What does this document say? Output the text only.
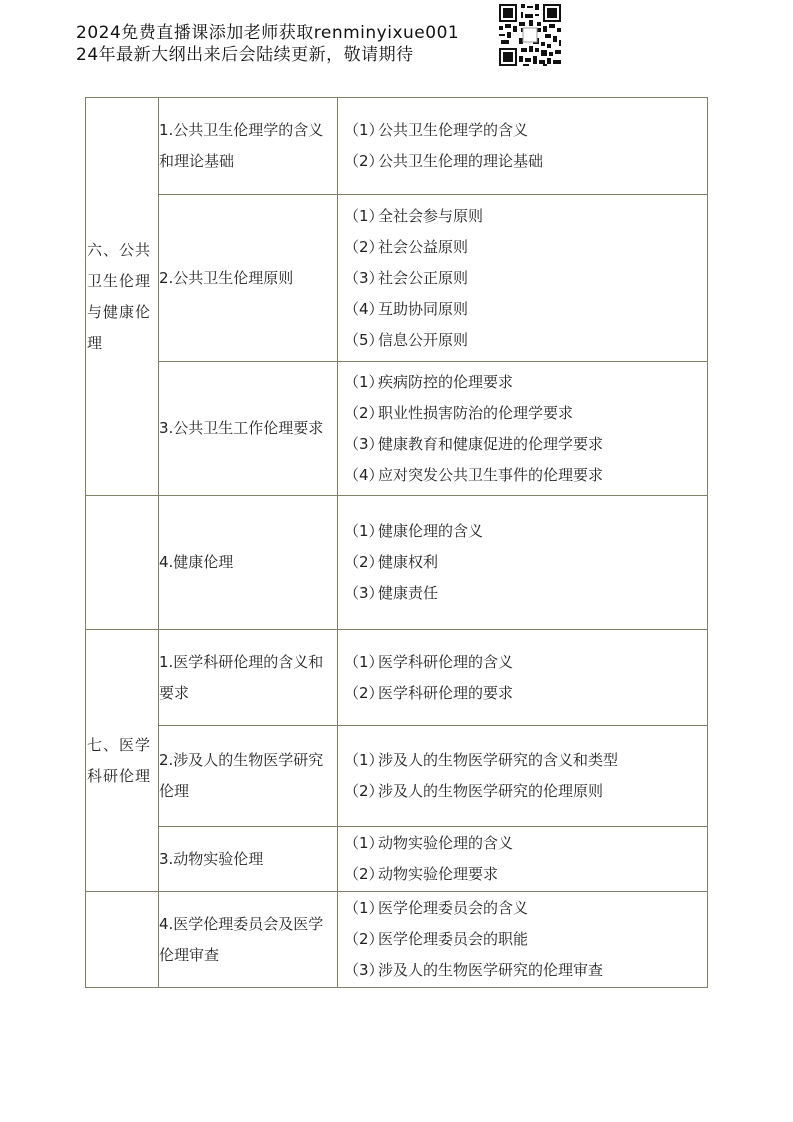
2024免费直播课添加老师获取renminyixue001
24年最新大纲出来后会陆续更新，敬请期待
六、公共卫生伦理与健康伦理	1.公共卫生伦理学的含义和理论基础	（1）公共卫生伦理学的含义
（2）公共卫生伦理的理论基础

	2.公共卫生伦理原则	（1）全社会参与原则
（2）社会公益原则
（3）社会公正原则
（4）互助协同原则
（5）信息公开原则

	3.公共卫生工作伦理要求	（1）疾病防控的伦理要求
（2）职业性损害防治的伦理学要求
（3）健康教育和健康促进的伦理学要求
（4）应对突发公共卫生事件的伦理要求

	4.健康伦理	（1）健康伦理的含义
（2）健康权利
（3）健康责任

七、医学科研伦理	1.医学科研伦理的含义和要求	（1）医学科研伦理的含义
（2）医学科研伦理的要求

	2.涉及人的生物医学研究伦理	（1）涉及人的生物医学研究的含义和类型
（2）涉及人的生物医学研究的伦理原则

	3.动物实验伦理	（1）动物实验伦理的含义
（2）动物实验伦理要求

	4.医学伦理委员会及医学伦理审查	（1）医学伦理委员会的含义
（2）医学伦理委员会的职能
（3）涉及人的生物医学研究的伦理审查
